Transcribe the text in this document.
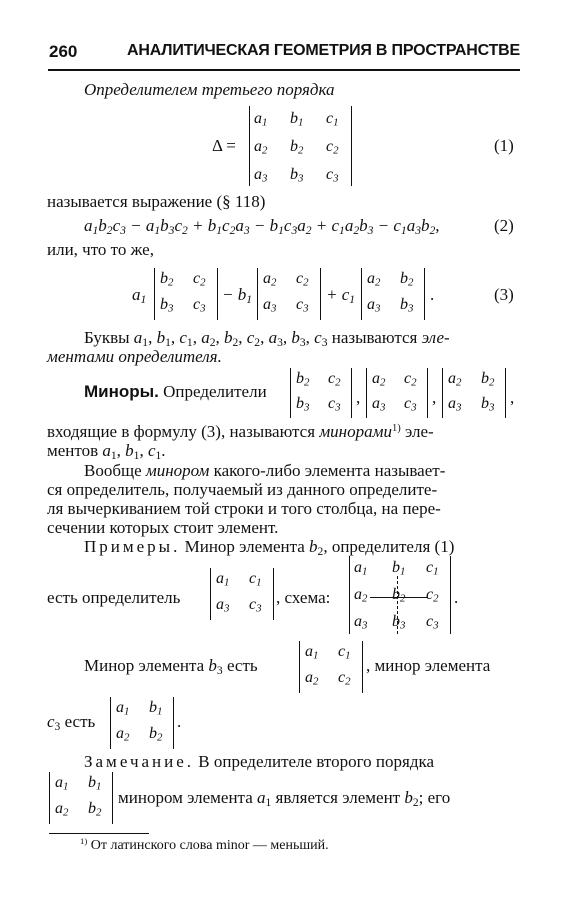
260	АНАЛИТИЧЕСКАЯ ГЕОМЕТРИЯ В ПРОСТРАНСТВЕ
Определителем третьего порядка
Δ =
$a_1$ $b_1$ $c_1$
$a_2$ $b_2$ $c_2$
$a_3$ $b_3$ $c_3$
(1)
называется выражение (§ 118)
$a_1b_2c_3 - a_1b_3c_2 + b_1c_2a_3 - b_1c_3a_2 + c_1a_2b_3 - c_1a_3b_2$,	(2)
или, что то же,
$a_1$
$b_2$ $c_2$
$b_3$ $c_3$
− $b_1$
$a_2$ $c_2$
$a_3$ $c_3$
+ $c_1$
$a_2$ $b_2$
$a_3$ $b_3$
.	(3)
Буквы $a_1$, $b_1$, $c_1$, $a_2$, $b_2$, $c_2$, $a_3$, $b_3$, $c_3$ называются эле-
ментами определителя.
Миноры. Определители
$b_2$ $c_2$
$b_3$ $c_3$
,
$a_2$ $c_2$
$a_3$ $c_3$
,
$a_2$ $b_2$
$a_3$ $b_3$
,
входящие в формулу (3), называются минорами$^{1)}$ эле-
ментов $a_1$, $b_1$, $c_1$.
Вообще минором какого-либо элемента называет-
ся определитель, получаемый из данного определите-
ля вычеркиванием той строки и того столбца, на пере-
сечении которых стоит элемент.
Примеры. Минор элемента $b_2$, определителя (1)
есть определитель
$a_1$ $c_1$
$a_3$ $c_3$
, схема:
$a_1$ $b_1$ $c_1$
$a_2$ $b_2$ $c_2$
$a_3$ $b_3$ $c_3$
.
Минор элемента $b_3$ есть
$a_1$ $c_1$
$a_2$ $c_2$
, минор элемента
$c_3$ есть
$a_1$ $b_1$
$a_2$ $b_2$
.
Замечание. В определителе второго порядка
$a_1$ $b_1$
$a_2$ $b_2$
минором элемента $a_1$ является элемент $b_2$; его
$^{1)}$ От латинского слова minor — меньший.
